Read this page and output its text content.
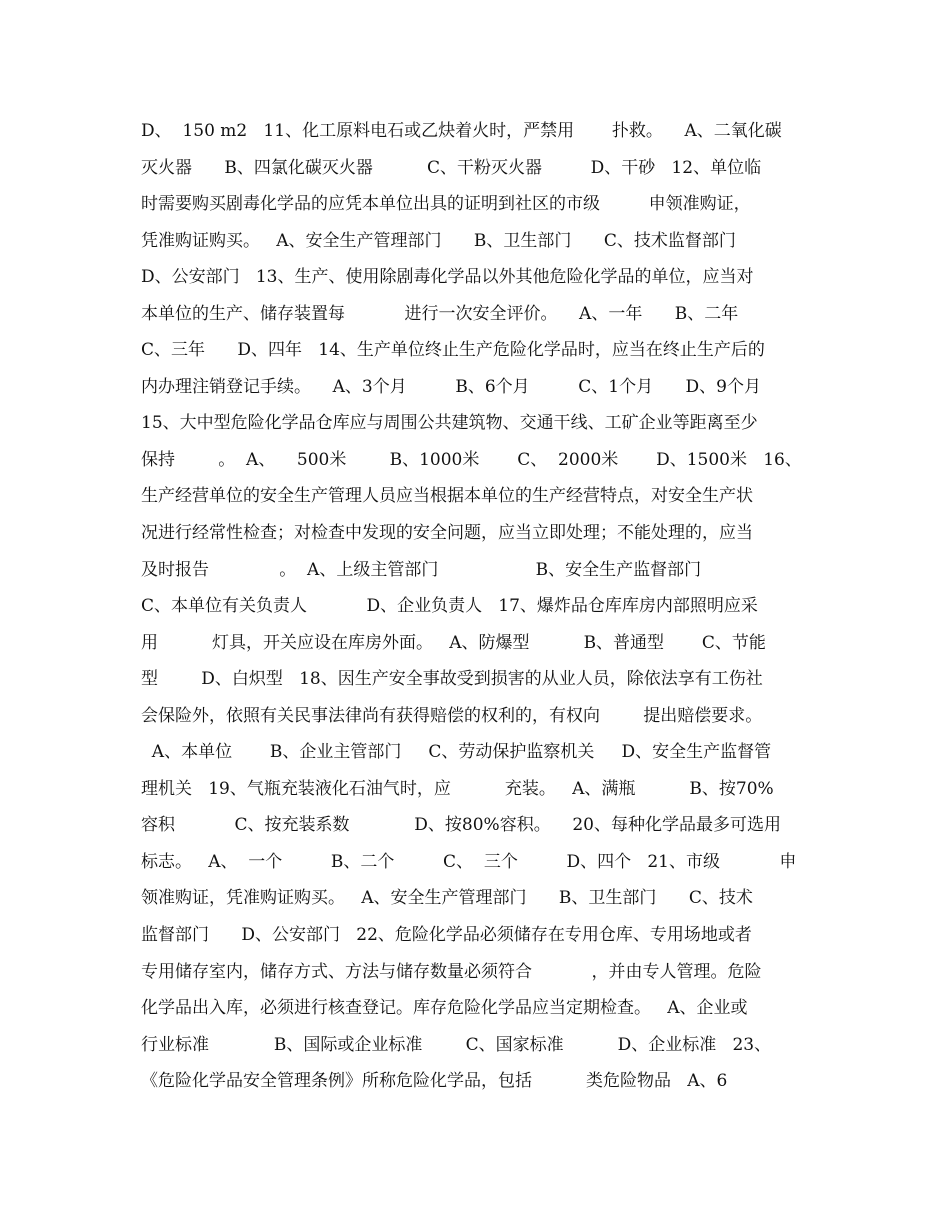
D、  150 m2   11、化工原料电石或乙炔着火时，严禁用       扑救。    A、二氧化碳
灭火器      B、四氯化碳灭火器          C、干粉灭火器         D、干砂   12、单位临
时需要购买剧毒化学品的应凭本单位出具的证明到社区的市级         申领准购证，
凭准购证购买。   A、安全生产管理部门      B、卫生部门      C、技术监督部门
D、公安部门   13、生产、使用除剧毒化学品以外其他危险化学品的单位，应当对
本单位的生产、储存装置每           进行一次安全评价。    A、一年      B、二年
C、三年      D、四年   14、生产单位终止生产危险化学品时，应当在终止生产后的
内办理注销登记手续。    A、3个月         B、6个月         C、1个月      D、9个月
15、大中型危险化学品仓库应与周围公共建筑物、交通干线、工矿企业等距离至少
保持        。  A、    500米        B、1000米       C、  2000米       D、1500米   16、
生产经营单位的安全生产管理人员应当根据本单位的生产经营特点，对安全生产状
况进行经常性检查；对检查中发现的安全问题，应当立即处理；不能处理的，应当
及时报告             。  A、上级主管部门                  B、安全生产监督部门
C、本单位有关负责人           D、企业负责人   17、爆炸品仓库库房内部照明应采
用          灯具，开关应设在库房外面。   A、防爆型          B、普通型       C、节能
型        D、白炽型   18、因生产安全事故受到损害的从业人员，除依法享有工伤社
会保险外，依照有关民事法律尚有获得赔偿的权利的，有权向        提出赔偿要求。
A、本单位       B、企业主管部门     C、劳动保护监察机关     D、安全生产监督管
理机关   19、气瓶充装液化石油气时，应          充装。   A、满瓶          B、按70%
容积           C、按充装系数            D、按80%容积。    20、每种化学品最多可选用
标志。   A、  一个         B、二个         C、  三个         D、四个   21、市级           申
领准购证，凭准购证购买。   A、安全生产管理部门      B、卫生部门      C、技术
监督部门      D、公安部门   22、危险化学品必须储存在专用仓库、专用场地或者
专用储存室内，储存方式、方法与储存数量必须符合           ，并由专人管理。危险
化学品出入库，必须进行核查登记。库存危险化学品应当定期检查。   A、企业或
行业标准            B、国际或企业标准        C、国家标准          D、企业标准   23、
《危险化学品安全管理条例》所称危险化学品，包括          类危险物品   A、6
